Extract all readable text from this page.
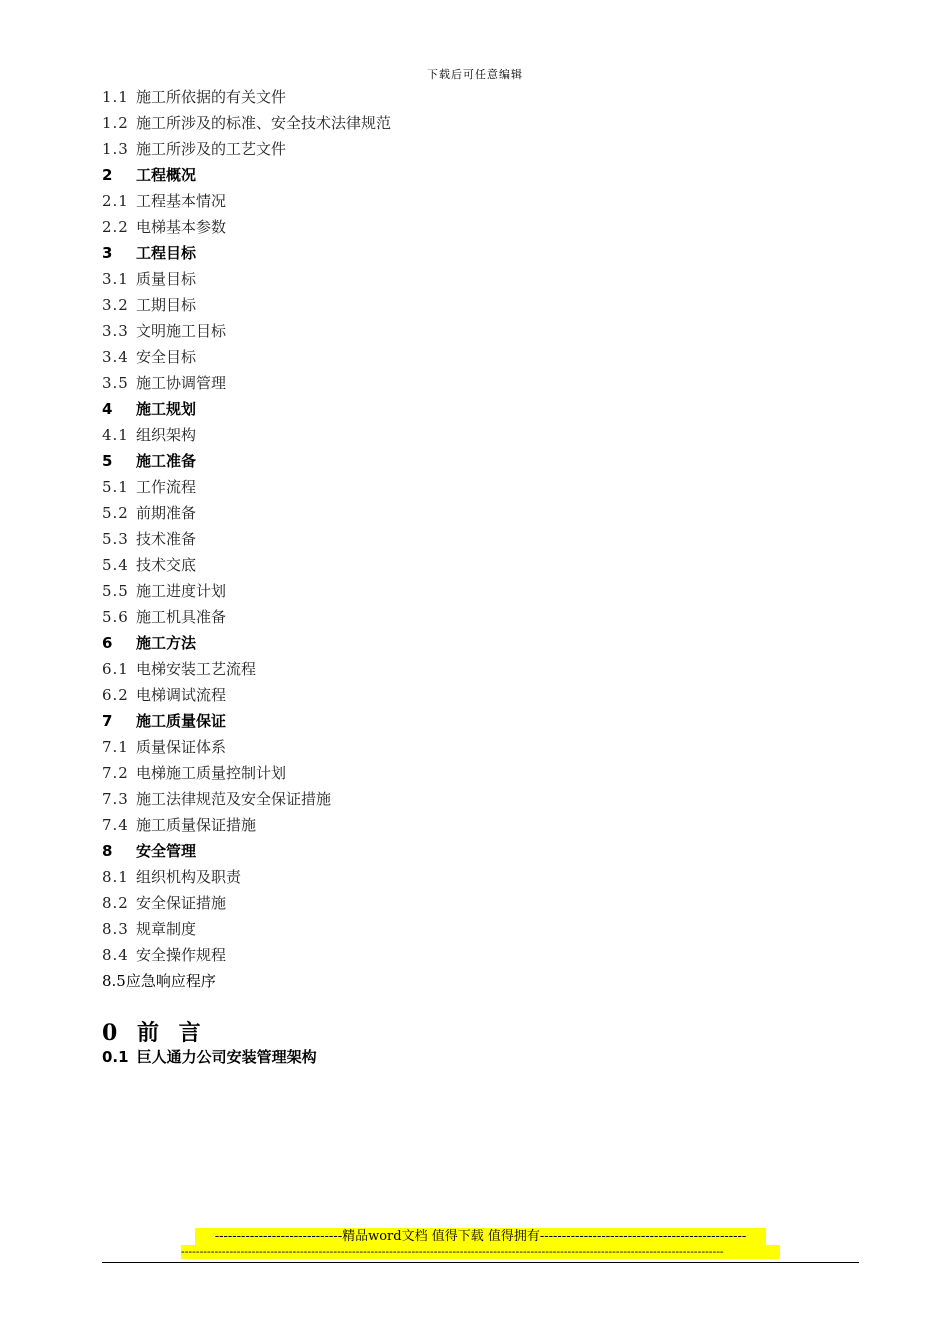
下载后可任意编辑
1.1 施工所依据的有关文件
1.2 施工所涉及的标准、安全技术法律规范
1.3 施工所涉及的工艺文件
2 工程概况
2.1 工程基本情况
2.2 电梯基本参数
3 工程目标
3.1 质量目标
3.2 工期目标
3.3 文明施工目标
3.4 安全目标
3.5 施工协调管理
4 施工规划
4.1 组织架构
5 施工准备
5.1 工作流程
5.2 前期准备
5.3 技术准备
5.4 技术交底
5.5 施工进度计划
5.6 施工机具准备
6 施工方法
6.1 电梯安装工艺流程
6.2 电梯调试流程
7 施工质量保证
7.1 质量保证体系
7.2 电梯施工质量控制计划
7.3 施工法律规范及安全保证措施
7.4 施工质量保证措施
8 安全管理
8.1 组织机构及职责
8.2 安全保证措施
8.3 规章制度
8.4 安全操作规程
8.5应急响应程序
0 前 言
0.1 巨人通力公司安装管理架构
-----------------------------精品word文档 值得下载 值得拥有-----------------------------------------------
--------------------------------------------------------------------------------------------------------------------------------------------------
